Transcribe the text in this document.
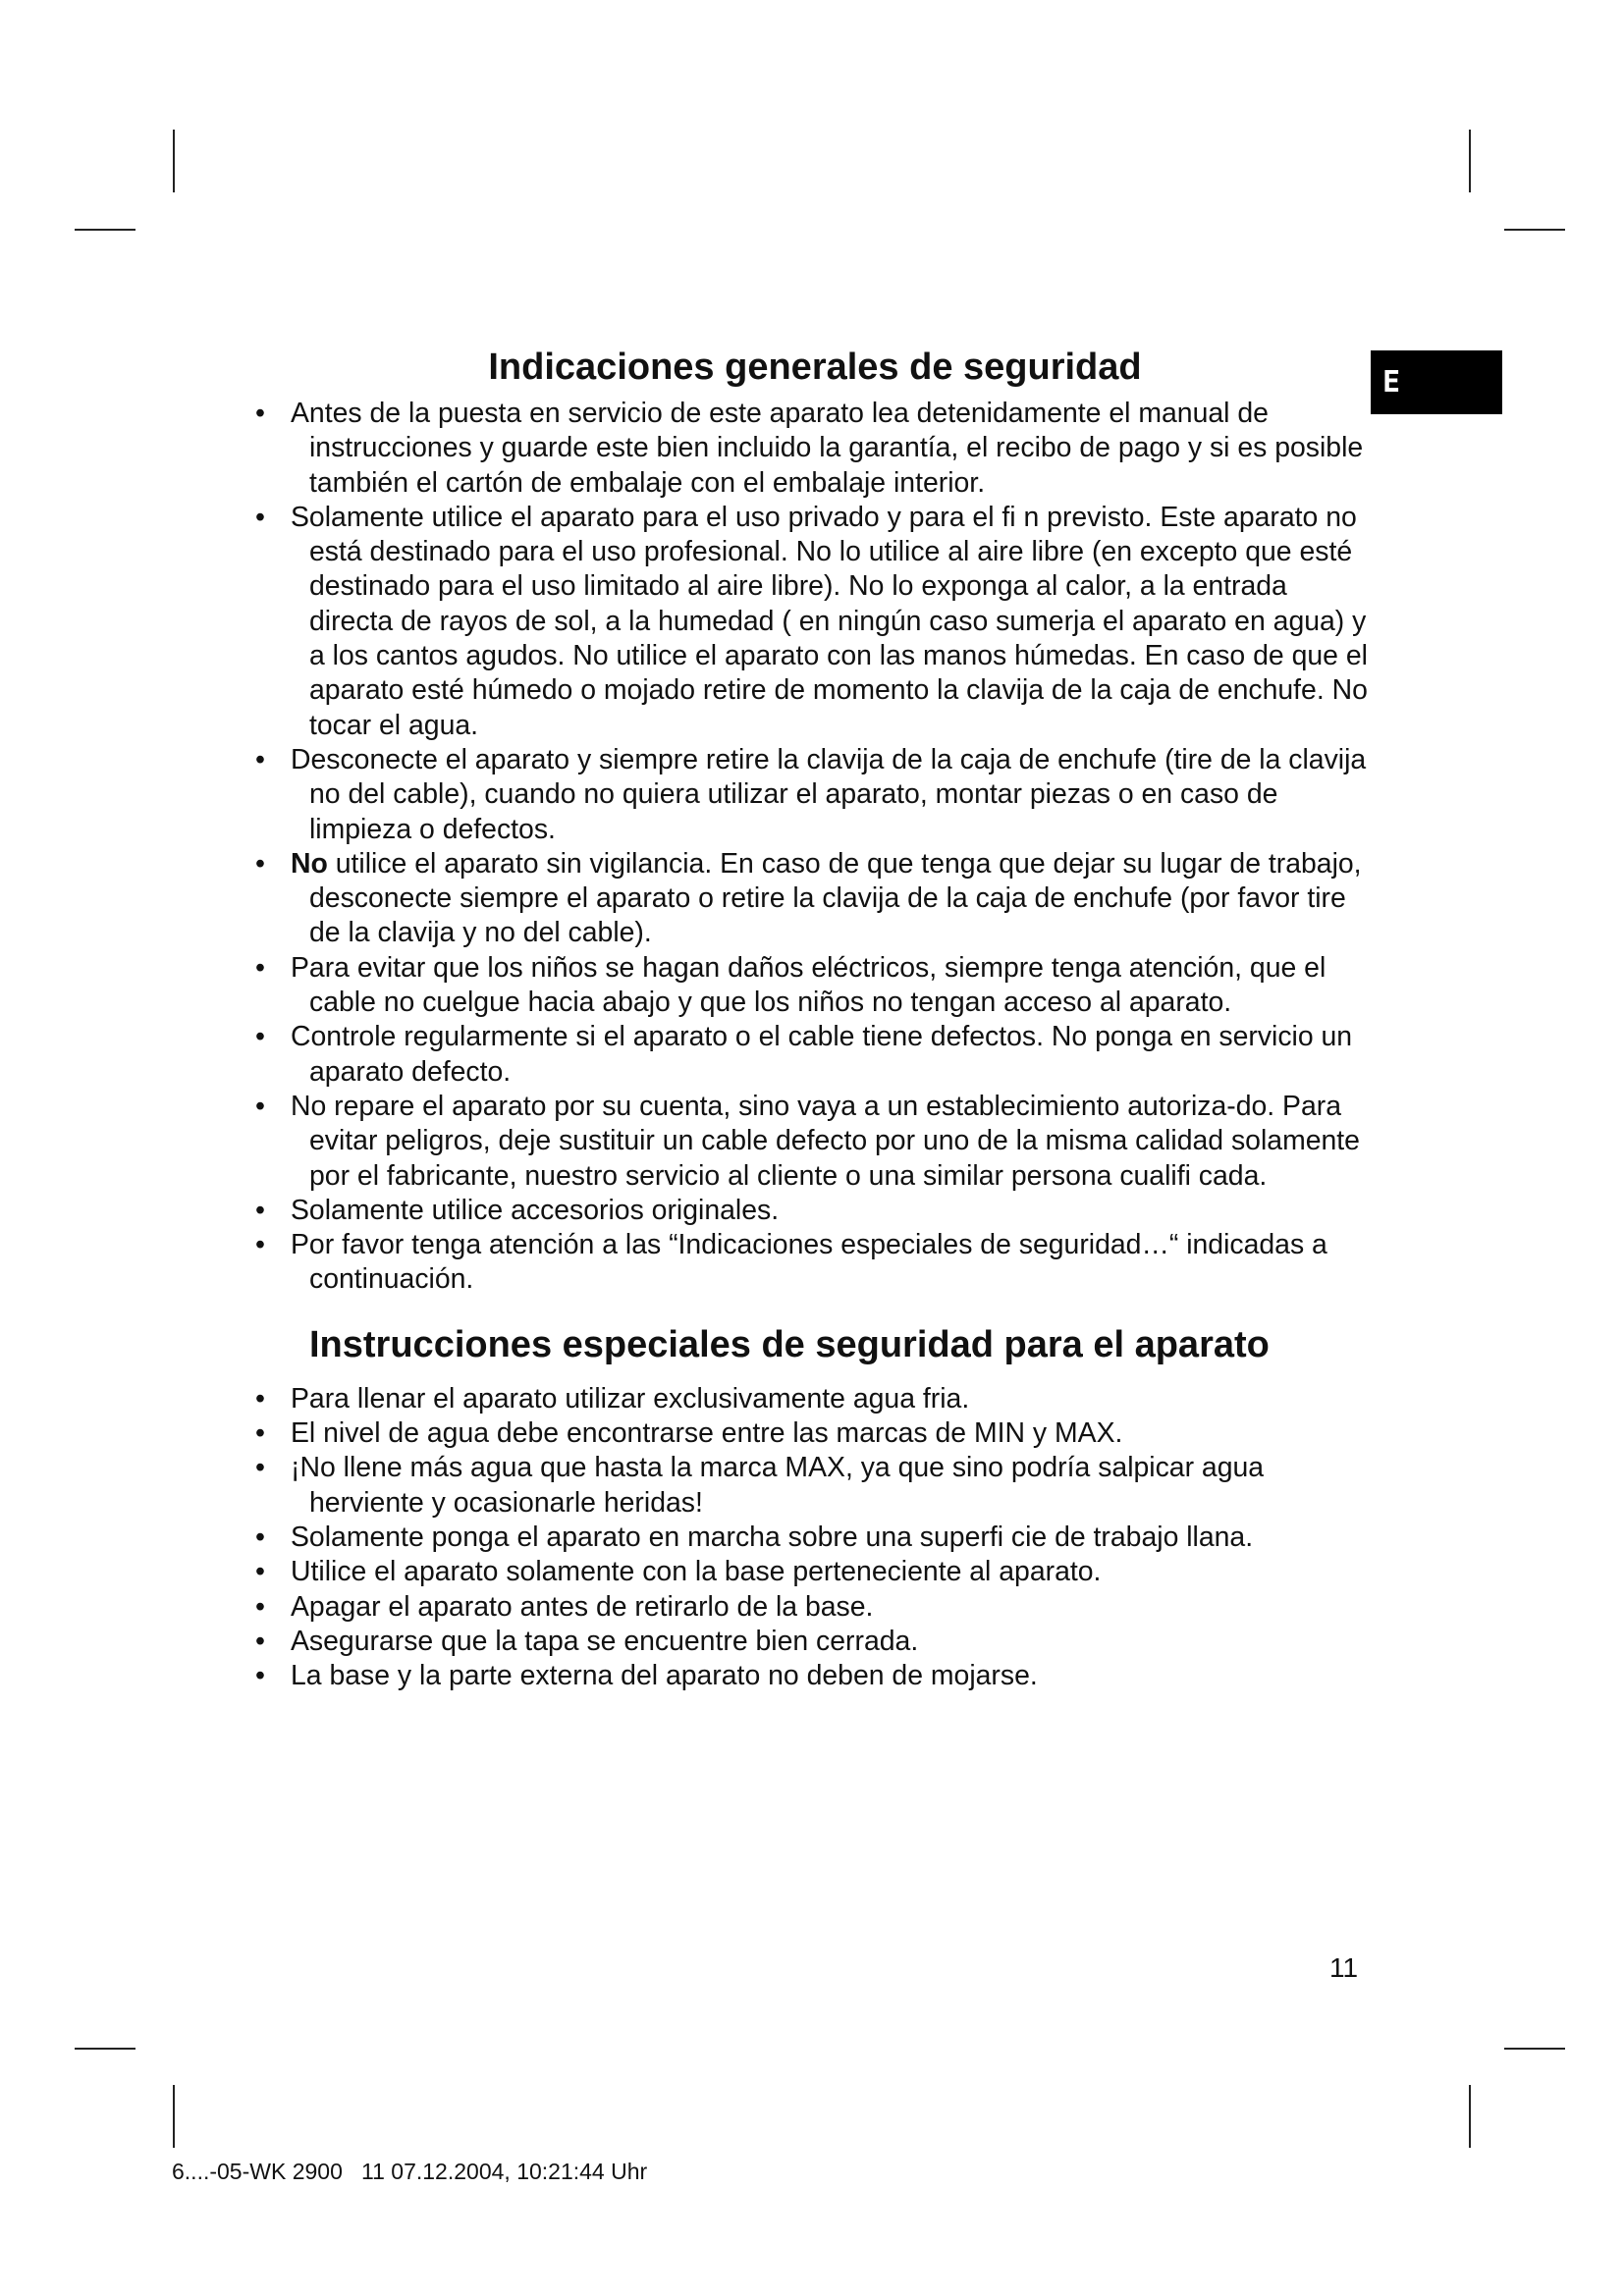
E
Indicaciones generales de seguridad
• Antes de la puesta en servicio de este aparato lea detenidamente el manual de instrucciones y guarde este bien incluido la garantía, el recibo de pago y si es posible también el cartón de embalaje con el embalaje interior.
• Solamente utilice el aparato para el uso privado y para el fi n previsto. Este aparato no está destinado para el uso profesional. No lo utilice al aire libre (en excepto que esté destinado para el uso limitado al aire libre). No lo exponga al calor, a la entrada directa de rayos de sol, a la humedad ( en ningún caso sumerja el aparato en agua) y a los cantos agudos. No utilice el aparato con las manos húmedas. En caso de que el aparato esté húmedo o mojado retire de momento la clavija de la caja de enchufe. No tocar el agua.
• Desconecte el aparato y siempre retire la clavija de la caja de enchufe (tire de la clavija no del cable), cuando no quiera utilizar el aparato, montar piezas o en caso de limpieza o defectos.
• No utilice el aparato sin vigilancia. En caso de que tenga que dejar su lugar de trabajo, desconecte siempre el aparato o retire la clavija de la caja de enchufe (por favor tire de la clavija y no del cable).
• Para evitar que los niños se hagan daños eléctricos, siempre tenga atención, que el cable no cuelgue hacia abajo y que los niños no tengan acceso al aparato.
• Controle regularmente si el aparato o el cable tiene defectos. No ponga en servicio un aparato defecto.
• No repare el aparato por su cuenta, sino vaya a un establecimiento autoriza-do. Para evitar peligros, deje sustituir un cable defecto por uno de la misma calidad solamente por el fabricante, nuestro servicio al cliente o una similar persona cualifi cada.
• Solamente utilice accesorios originales.
• Por favor tenga atención a las “Indicaciones especiales de seguridad…“ indicadas a continuación.
Instrucciones especiales de seguridad para el aparato
• Para llenar el aparato utilizar exclusivamente agua fria.
• El nivel de agua debe encontrarse entre las marcas de MIN y MAX.
• ¡No llene más agua que hasta la marca MAX, ya que sino podría salpicar agua herviente y ocasionarle heridas!
• Solamente ponga el aparato en marcha sobre una superfi cie de trabajo llana.
• Utilice el aparato solamente con la base perteneciente al aparato.
• Apagar el aparato antes de retirarlo de la base.
• Asegurarse que la tapa se encuentre bien cerrada.
• La base y la parte externa del aparato no deben de mojarse.
11
6....-05-WK 2900   11 07.12.2004, 10:21:44 Uhr
